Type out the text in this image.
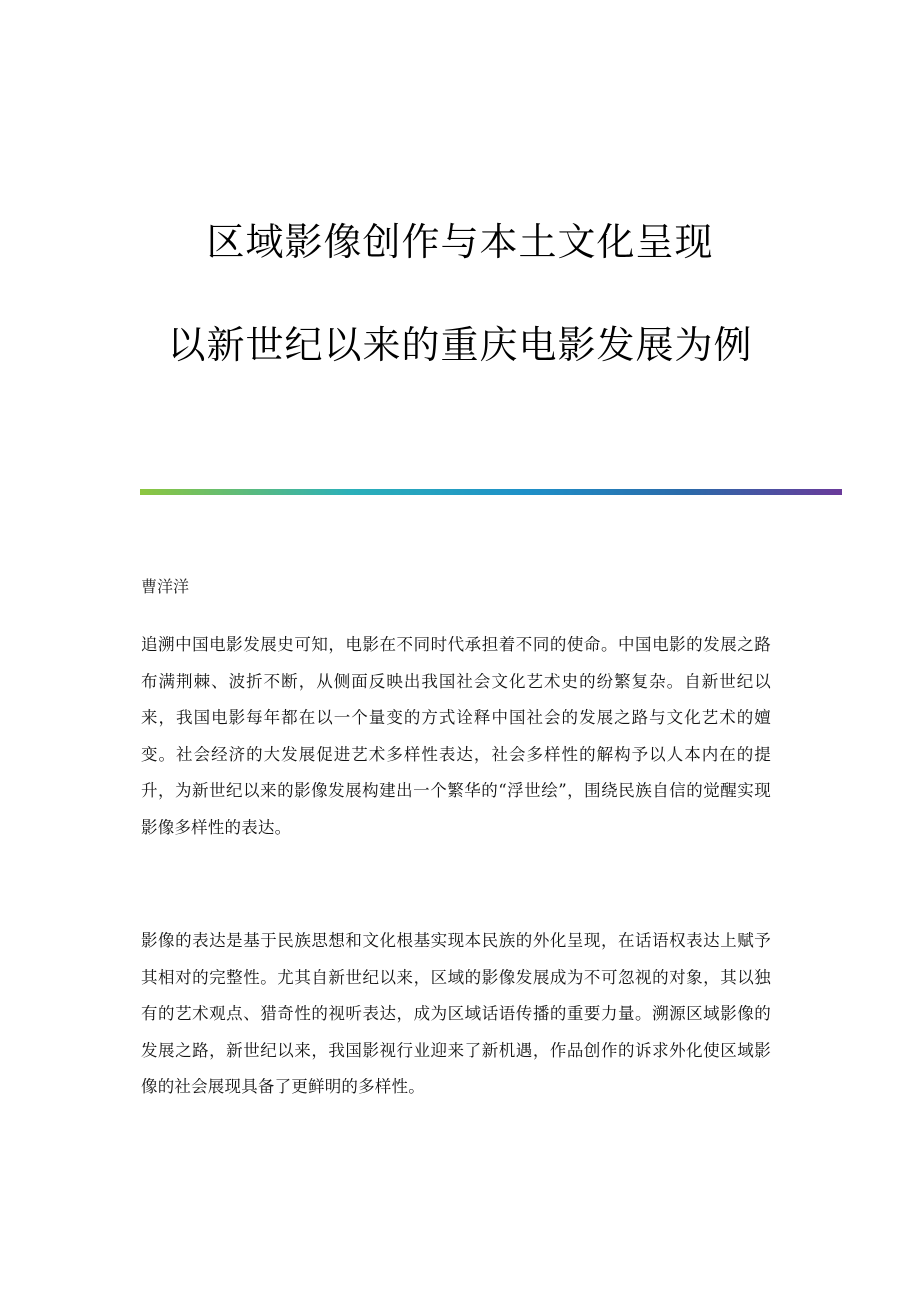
区域影像创作与本土文化呈现
以新世纪以来的重庆电影发展为例
曹洋洋

追溯中国电影发展史可知，电影在不同时代承担着不同的使命。中国电影的发展之路布满荆棘、波折不断，从侧面反映出我国社会文化艺术史的纷繁复杂。自新世纪以来，我国电影每年都在以一个量变的方式诠释中国社会的发展之路与文化艺术的嬗变。社会经济的大发展促进艺术多样性表达，社会多样性的解构予以人本内在的提升，为新世纪以来的影像发展构建出一个繁华的“浮世绘”，围绕民族自信的觉醒实现影像多样性的表达。

影像的表达是基于民族思想和文化根基实现本民族的外化呈现，在话语权表达上赋予其相对的完整性。尤其自新世纪以来，区域的影像发展成为不可忽视的对象，其以独有的艺术观点、猎奇性的视听表达，成为区域话语传播的重要力量。溯源区域影像的发展之路，新世纪以来，我国影视行业迎来了新机遇，作品创作的诉求外化使区域影像的社会展现具备了更鲜明的多样性。
